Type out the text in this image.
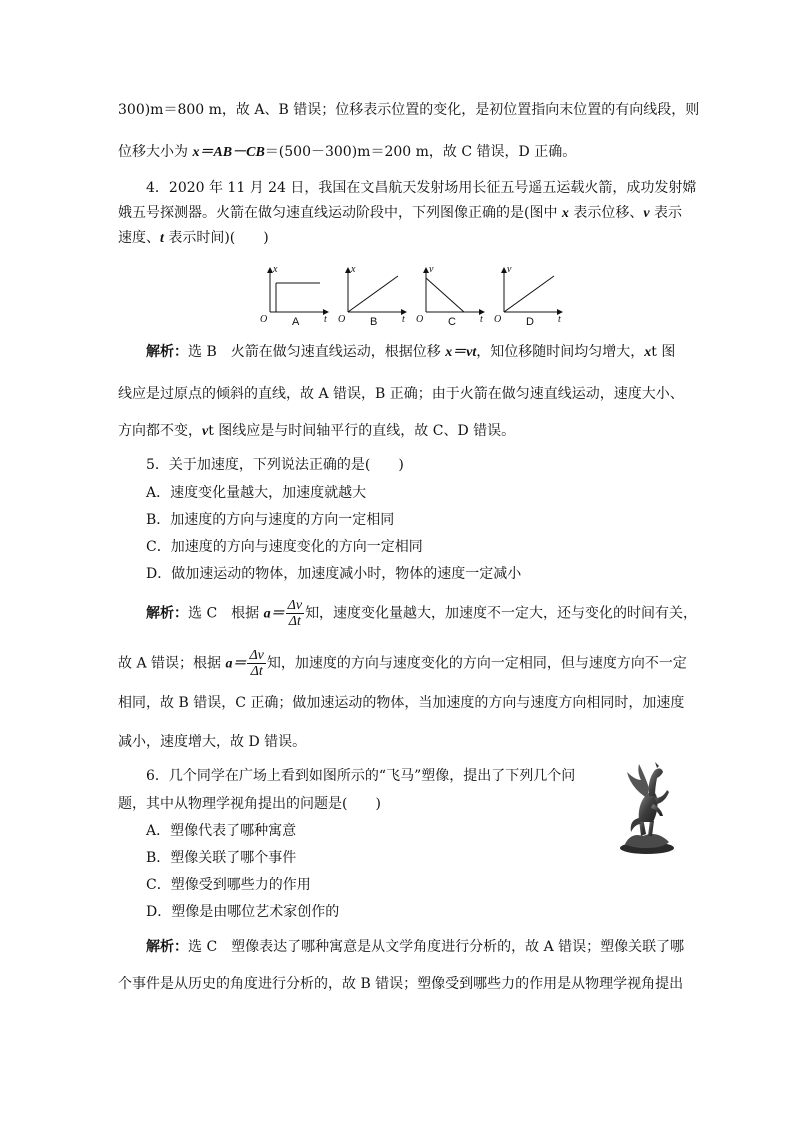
300)m＝800 m，故 A、B 错误；位移表示位置的变化，是初位置指向末位置的有向线段，则
位移大小为 x＝AB－CB＝(500－300)m＝200 m，故 C 错误，D 正确。
4．2020 年 11 月 24 日，我国在文昌航天发射场用长征五号遥五运载火箭，成功发射嫦
娥五号探测器。火箭在做匀速直线运动阶段中，下列图像正确的是(图中 x 表示位移、v 表示
速度、t 表示时间)(　　)
x
t
O
x
t
O
v
t
O
v
t
O
A	B	C	D
解析：选 B　火箭在做匀速直线运动，根据位移 x＝vt，知位移随时间均匀增大，xt 图
线应是过原点的倾斜的直线，故 A 错误，B 正确；由于火箭在做匀速直线运动，速度大小、
方向都不变，vt 图线应是与时间轴平行的直线，故 C、D 错误。
5．关于加速度，下列说法正确的是(　　)
A．速度变化量越大，加速度就越大
B．加速度的方向与速度的方向一定相同
C．加速度的方向与速度变化的方向一定相同
D．做加速运动的物体，加速度减小时，物体的速度一定减小
解析：选 C　根据 $a= \frac{\Delta v}{\Delta t}$ 知，速度变化量越大，加速度不一定大，还与变化的时间有关，
故 A 错误；根据 $a= \frac{\Delta v}{\Delta t}$ 知，加速度的方向与速度变化的方向一定相同，但与速度方向不一定
相同，故 B 错误，C 正确；做加速运动的物体，当加速度的方向与速度方向相同时，加速度
减小，速度增大，故 D 错误。
6．几个同学在广场上看到如图所示的“飞马”塑像，提出了下列几个问
题，其中从物理学视角提出的问题是(　　)
A．塑像代表了哪种寓意
B．塑像关联了哪个事件
C．塑像受到哪些力的作用
D．塑像是由哪位艺术家创作的
解析：选 C　塑像表达了哪种寓意是从文学角度进行分析的，故 A 错误；塑像关联了哪
个事件是从历史的角度进行分析的，故 B 错误；塑像受到哪些力的作用是从物理学视角提出
